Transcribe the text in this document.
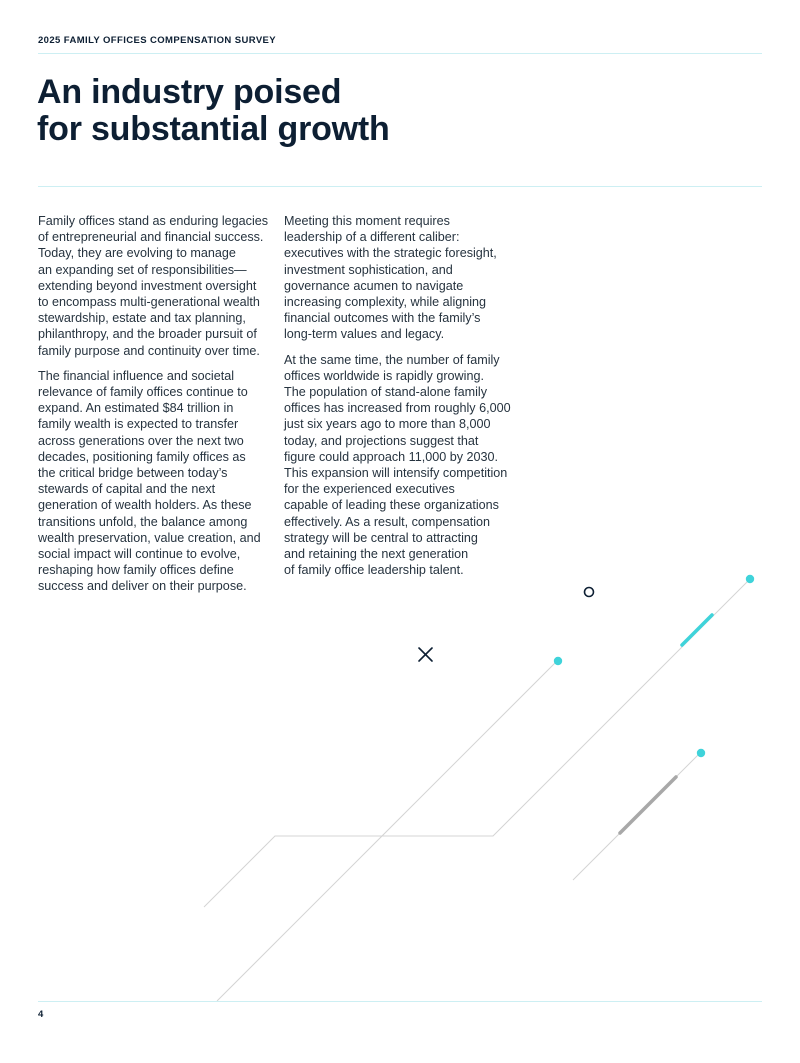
2025 FAMILY OFFICES COMPENSATION SURVEY
An industry poised
for substantial growth

Family offices stand as enduring legacies
of entrepreneurial and financial success.
Today, they are evolving to manage
an expanding set of responsibilities—
extending beyond investment oversight
to encompass multi-generational wealth
stewardship, estate and tax planning,
philanthropy, and the broader pursuit of
family purpose and continuity over time.

The financial influence and societal
relevance of family offices continue to
expand. An estimated $84 trillion in
family wealth is expected to transfer
across generations over the next two
decades, positioning family offices as
the critical bridge between today’s
stewards of capital and the next
generation of wealth holders. As these
transitions unfold, the balance among
wealth preservation, value creation, and
social impact will continue to evolve,
reshaping how family offices define
success and deliver on their purpose.

Meeting this moment requires
leadership of a different caliber:
executives with the strategic foresight,
investment sophistication, and
governance acumen to navigate
increasing complexity, while aligning
financial outcomes with the family’s
long-term values and legacy.

At the same time, the number of family
offices worldwide is rapidly growing.
The population of stand-alone family
offices has increased from roughly 6,000
just six years ago to more than 8,000
today, and projections suggest that
figure could approach 11,000 by 2030.
This expansion will intensify competition
for the experienced executives
capable of leading these organizations
effectively. As a result, compensation
strategy will be central to attracting
and retaining the next generation
of family office leadership talent.

4
